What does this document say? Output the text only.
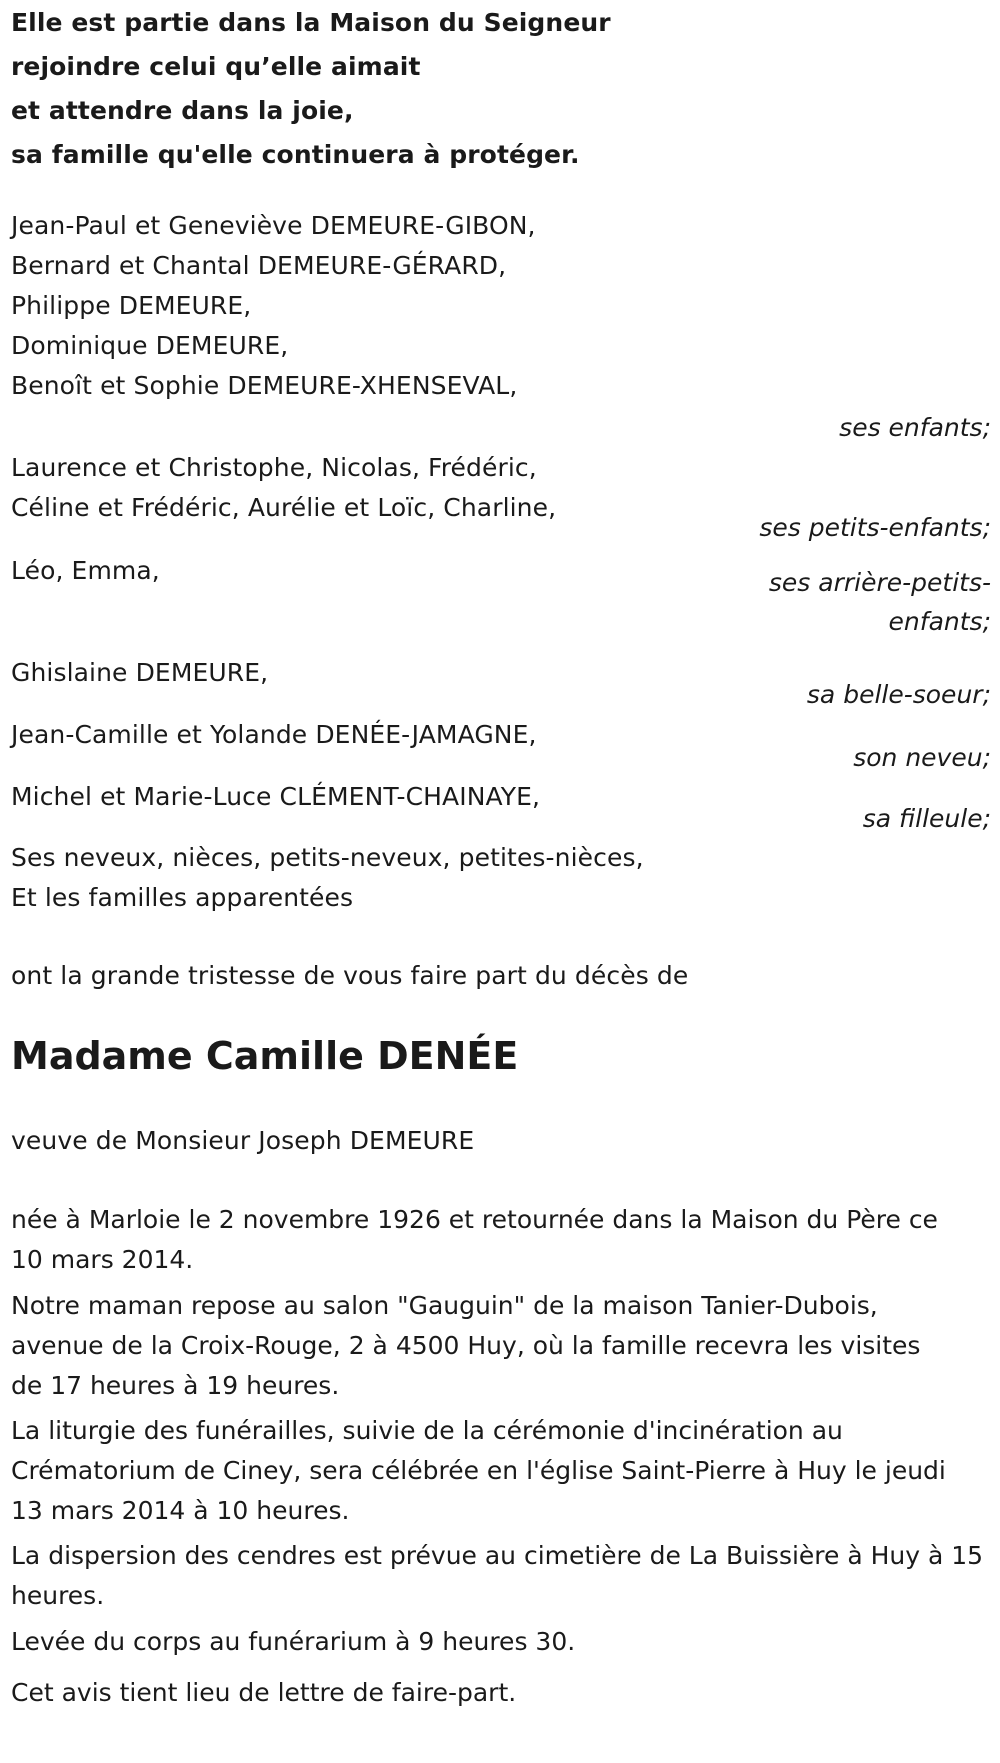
Elle est partie dans la Maison du Seigneur
rejoindre celui qu’elle aimait
et attendre dans la joie,
sa famille qu'elle continuera à protéger.
Jean-Paul et Geneviève DEMEURE-GIBON,
Bernard et Chantal DEMEURE-GÉRARD,
Philippe DEMEURE,
Dominique DEMEURE,
Benoît et Sophie DEMEURE-XHENSEVAL,
ses enfants;
Laurence et Christophe, Nicolas, Frédéric,
Céline et Frédéric, Aurélie et Loïc, Charline,
ses petits-enfants;
Léo, Emma,	ses arrière-petits-
enfants;
Ghislaine DEMEURE,
sa belle-soeur;
Jean-Camille et Yolande DENÉE-JAMAGNE,
son neveu;
Michel et Marie-Luce CLÉMENT-CHAINAYE,
sa filleule;
Ses neveux, nièces, petits-neveux, petites-nièces,
Et les familles apparentées
ont la grande tristesse de vous faire part du décès de
Madame Camille DENÉE
veuve de Monsieur Joseph DEMEURE
née à Marloie le 2 novembre 1926 et retournée dans la Maison du Père ce 10 mars 2014.
Notre maman repose au salon "Gauguin" de la maison Tanier-Dubois, avenue de la Croix-Rouge, 2 à 4500 Huy, où la famille recevra les visites de 17 heures à 19 heures.
La liturgie des funérailles, suivie de la cérémonie d'incinération au Crématorium de Ciney, sera célébrée en l'église Saint-Pierre à Huy le jeudi 13 mars 2014 à 10 heures.
La dispersion des cendres est prévue au cimetière de La Buissière à Huy à 15 heures.
Levée du corps au funérarium à 9 heures 30.
Cet avis tient lieu de lettre de faire-part.
